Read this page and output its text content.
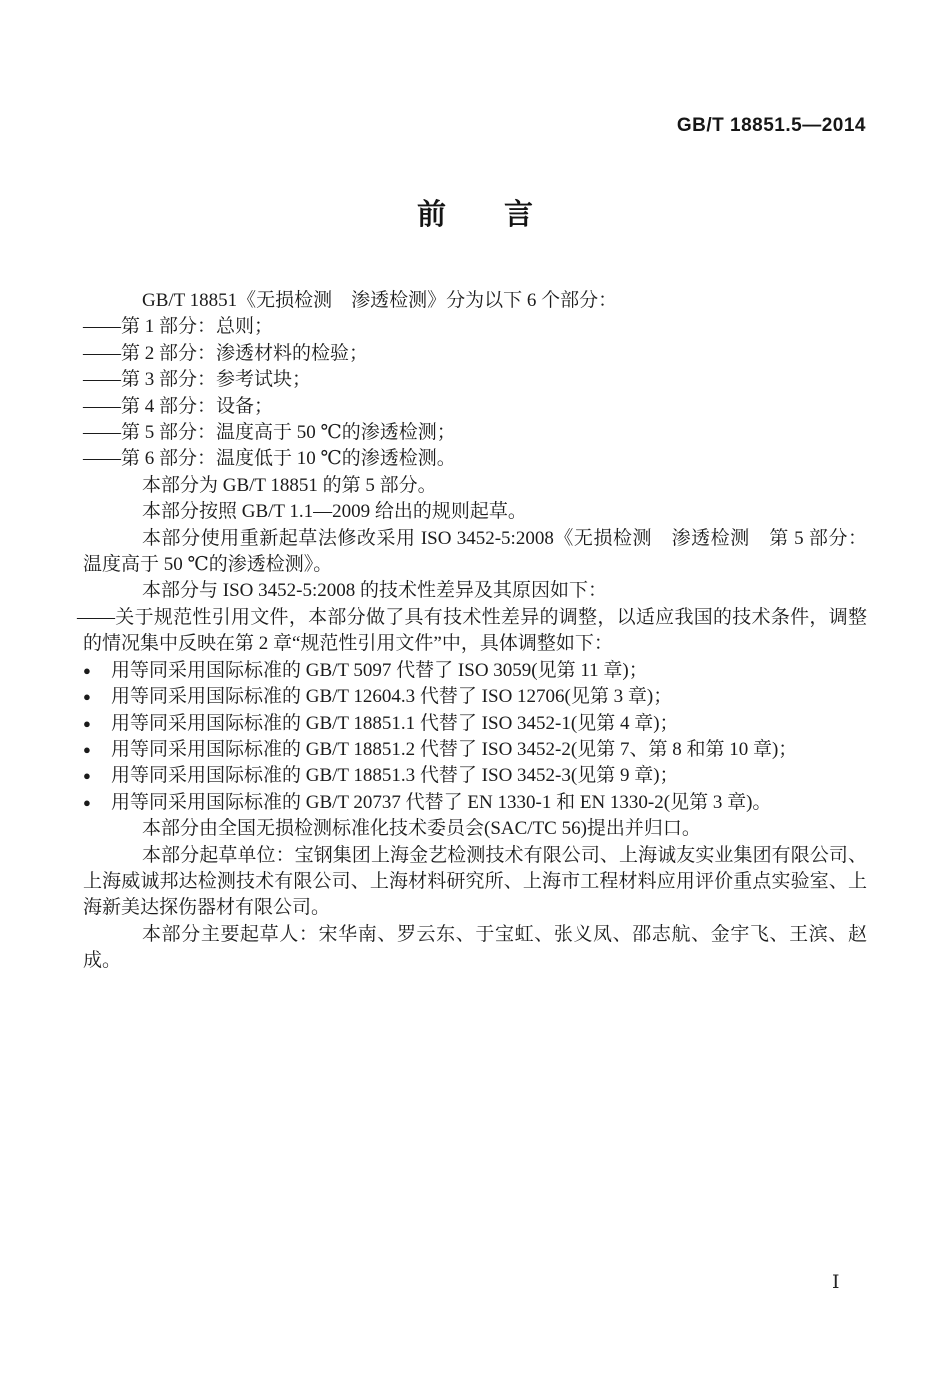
GB/T 18851.5—2014
前　　言

GB/T 18851《无损检测　渗透检测》分为以下 6 个部分：

——第 1 部分：总则；

——第 2 部分：渗透材料的检验；

——第 3 部分：参考试块；

——第 4 部分：设备；

——第 5 部分：温度高于 50 ℃的渗透检测；

——第 6 部分：温度低于 10 ℃的渗透检测。

本部分为 GB/T 18851 的第 5 部分。

本部分按照 GB/T 1.1—2009 给出的规则起草。

本部分使用重新起草法修改采用 ISO 3452-5:2008《无损检测　渗透检测　第 5 部分：温度高于 50 ℃的渗透检测》。

本部分与 ISO 3452-5:2008 的技术性差异及其原因如下：

——关于规范性引用文件，本部分做了具有技术性差异的调整，以适应我国的技术条件，调整的情况集中反映在第 2 章“规范性引用文件”中，具体调整如下：

● 用等同采用国际标准的 GB/T 5097 代替了 ISO 3059(见第 11 章)；

● 用等同采用国际标准的 GB/T 12604.3 代替了 ISO 12706(见第 3 章)；

● 用等同采用国际标准的 GB/T 18851.1 代替了 ISO 3452-1(见第 4 章)；

● 用等同采用国际标准的 GB/T 18851.2 代替了 ISO 3452-2(见第 7、第 8 和第 10 章)；

● 用等同采用国际标准的 GB/T 18851.3 代替了 ISO 3452-3(见第 9 章)；

● 用等同采用国际标准的 GB/T 20737 代替了 EN 1330-1 和 EN 1330-2(见第 3 章)。

本部分由全国无损检测标准化技术委员会(SAC/TC 56)提出并归口。

本部分起草单位：宝钢集团上海金艺检测技术有限公司、上海诚友实业集团有限公司、上海威诚邦达检测技术有限公司、上海材料研究所、上海市工程材料应用评价重点实验室、上海新美达探伤器材有限公司。

本部分主要起草人：宋华南、罗云东、于宝虹、张义凤、邵志航、金宇飞、王滨、赵成。

Ⅰ
